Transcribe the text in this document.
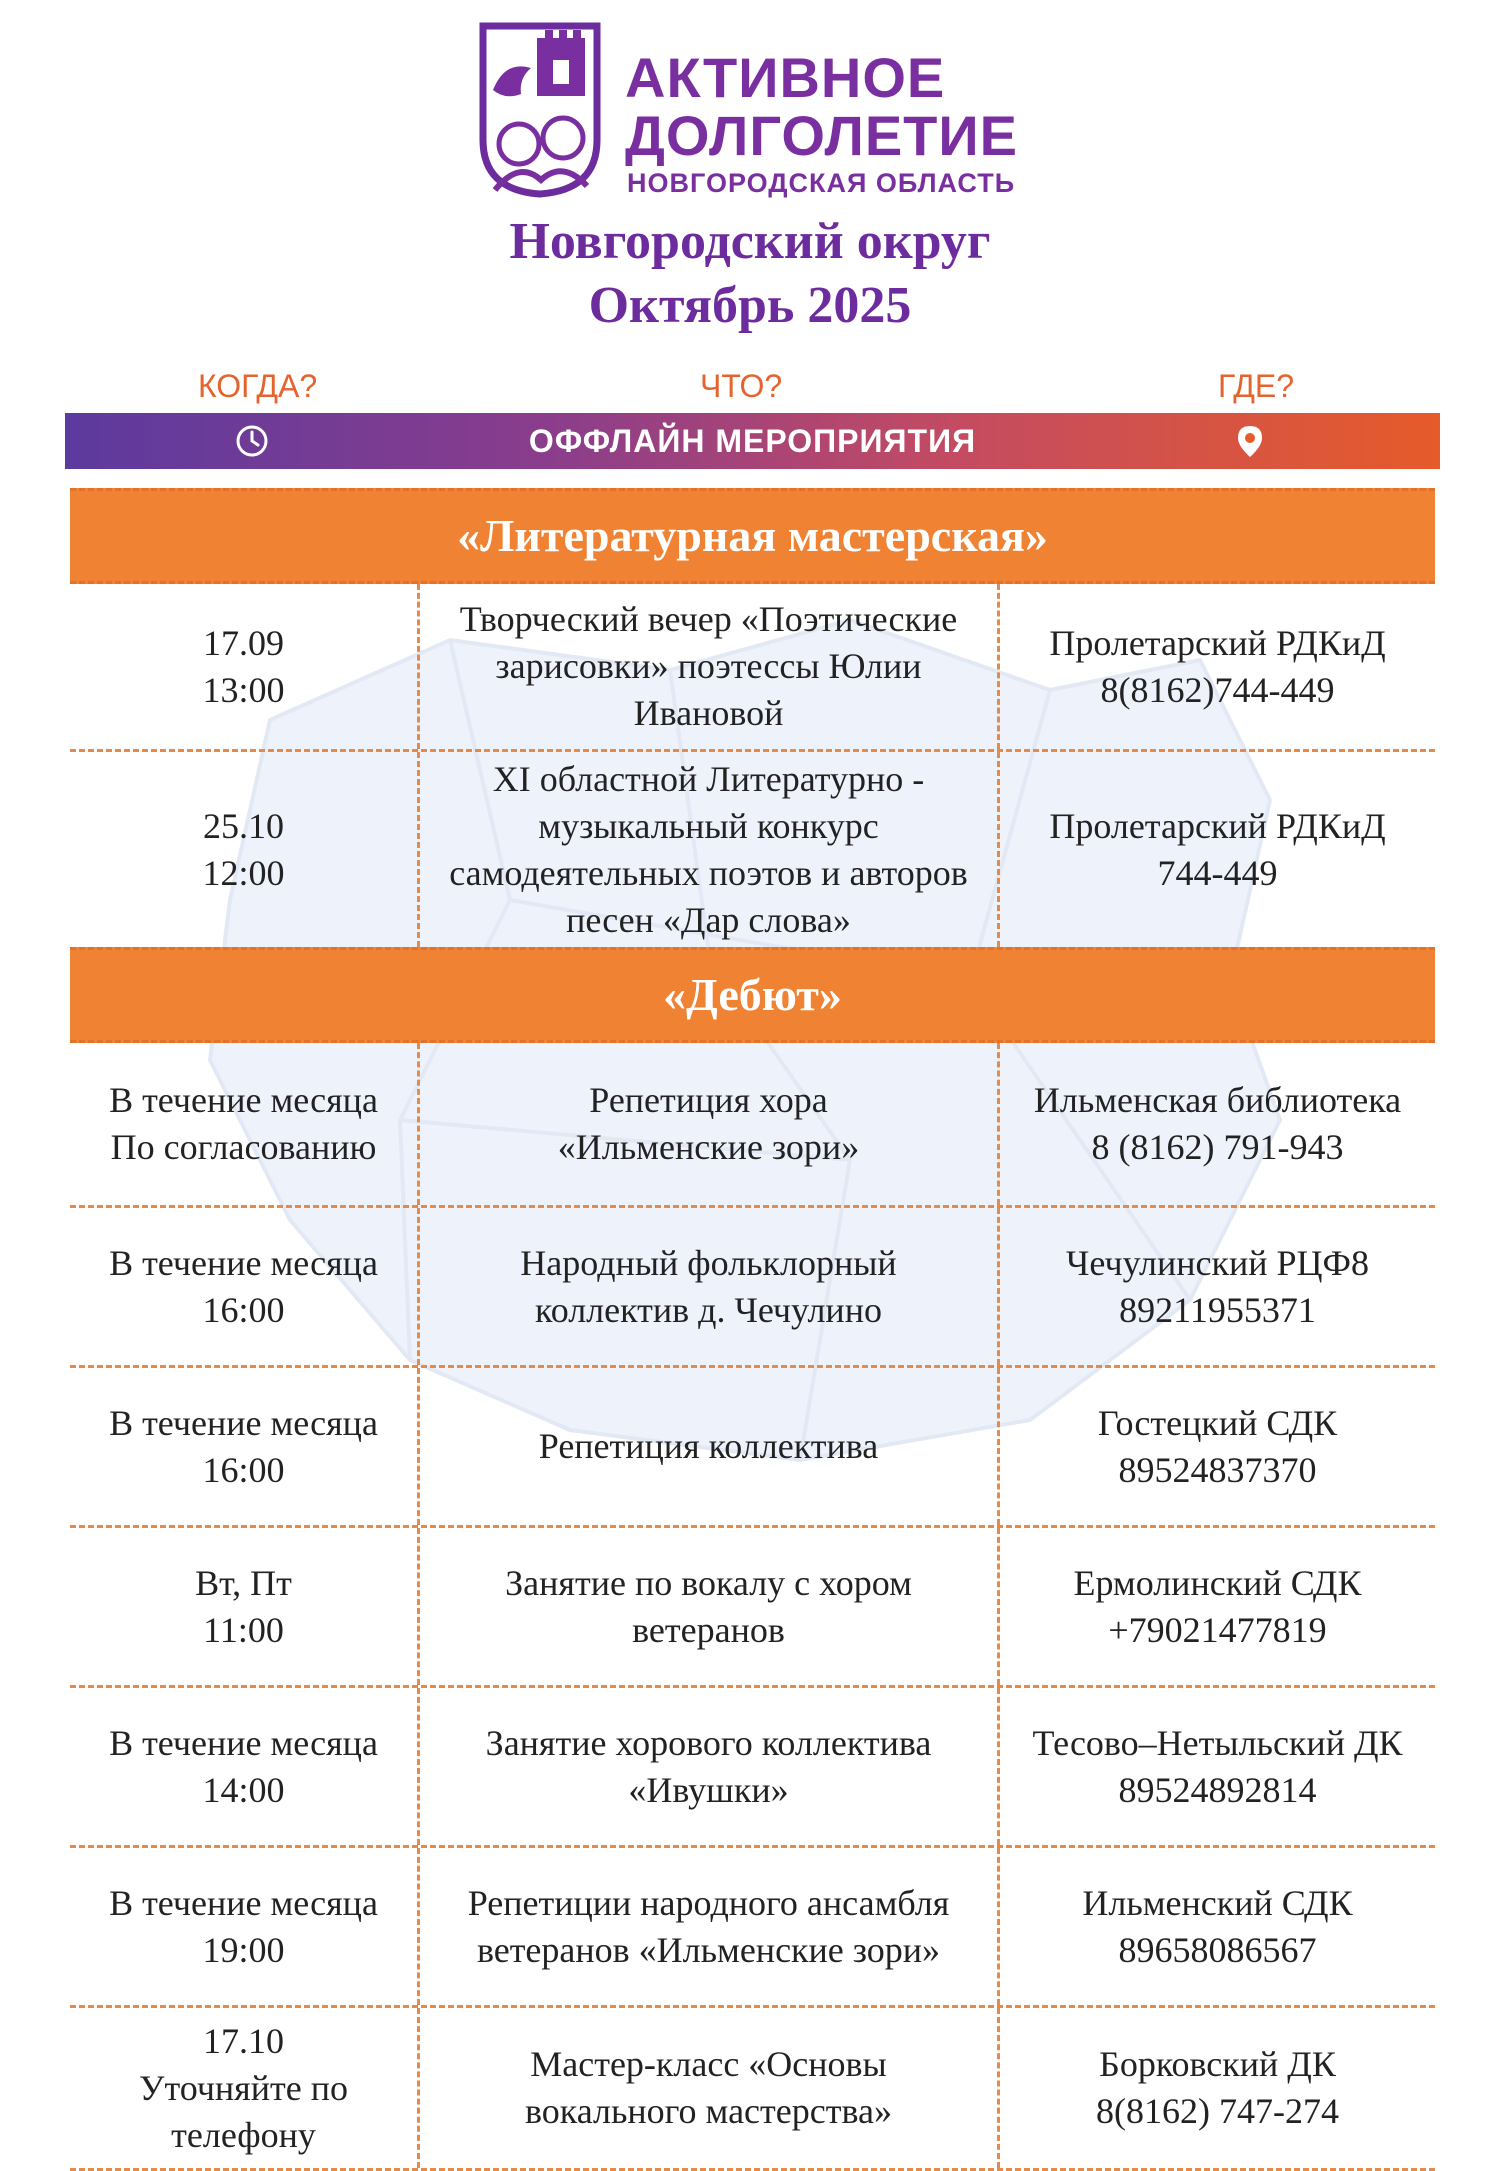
АКТИВНОЕ
ДОЛГОЛЕТИЕ
НОВГОРОДСКАЯ ОБЛАСТЬ
Новгородский округ
Октябрь 2025
КОГДА?	ЧТО?	ГДЕ?
ОФФЛАЙН МЕРОПРИЯТИЯ
«Литературная мастерская»
17.09
13:00
Творческий вечер «Поэтические
зарисовки» поэтессы Юлии
Ивановой
Пролетарский РДКиД
8(8162)744-449
25.10
12:00
XI областной Литературно -
музыкальный конкурс
самодеятельных поэтов и авторов
песен «Дар слова»
Пролетарский РДКиД
744-449
«Дебют»
В течение месяца
По согласованию
Репетиция хора
«Ильменские зори»
Ильменская библиотека
8 (8162) 791-943
В течение месяца
16:00
Народный фольклорный
коллектив д. Чечулино
Чечулинский РЦФ8
89211955371
В течение месяца
16:00
Репетиция коллектива
Гостецкий СДК
89524837370
Вт, Пт
11:00
Занятие по вокалу с хором
ветеранов
Ермолинский СДК
+79021477819
В течение месяца
14:00
Занятие хорового коллектива
«Ивушки»
Тесово–Нетыльский ДК
89524892814
В течение месяца
19:00
Репетиции народного ансамбля
ветеранов «Ильменские зори»
Ильменский СДК
89658086567
17.10
Уточняйте по
телефону
Мастер-класс «Основы
вокального мастерства»
Борковский ДК
8(8162) 747-274
